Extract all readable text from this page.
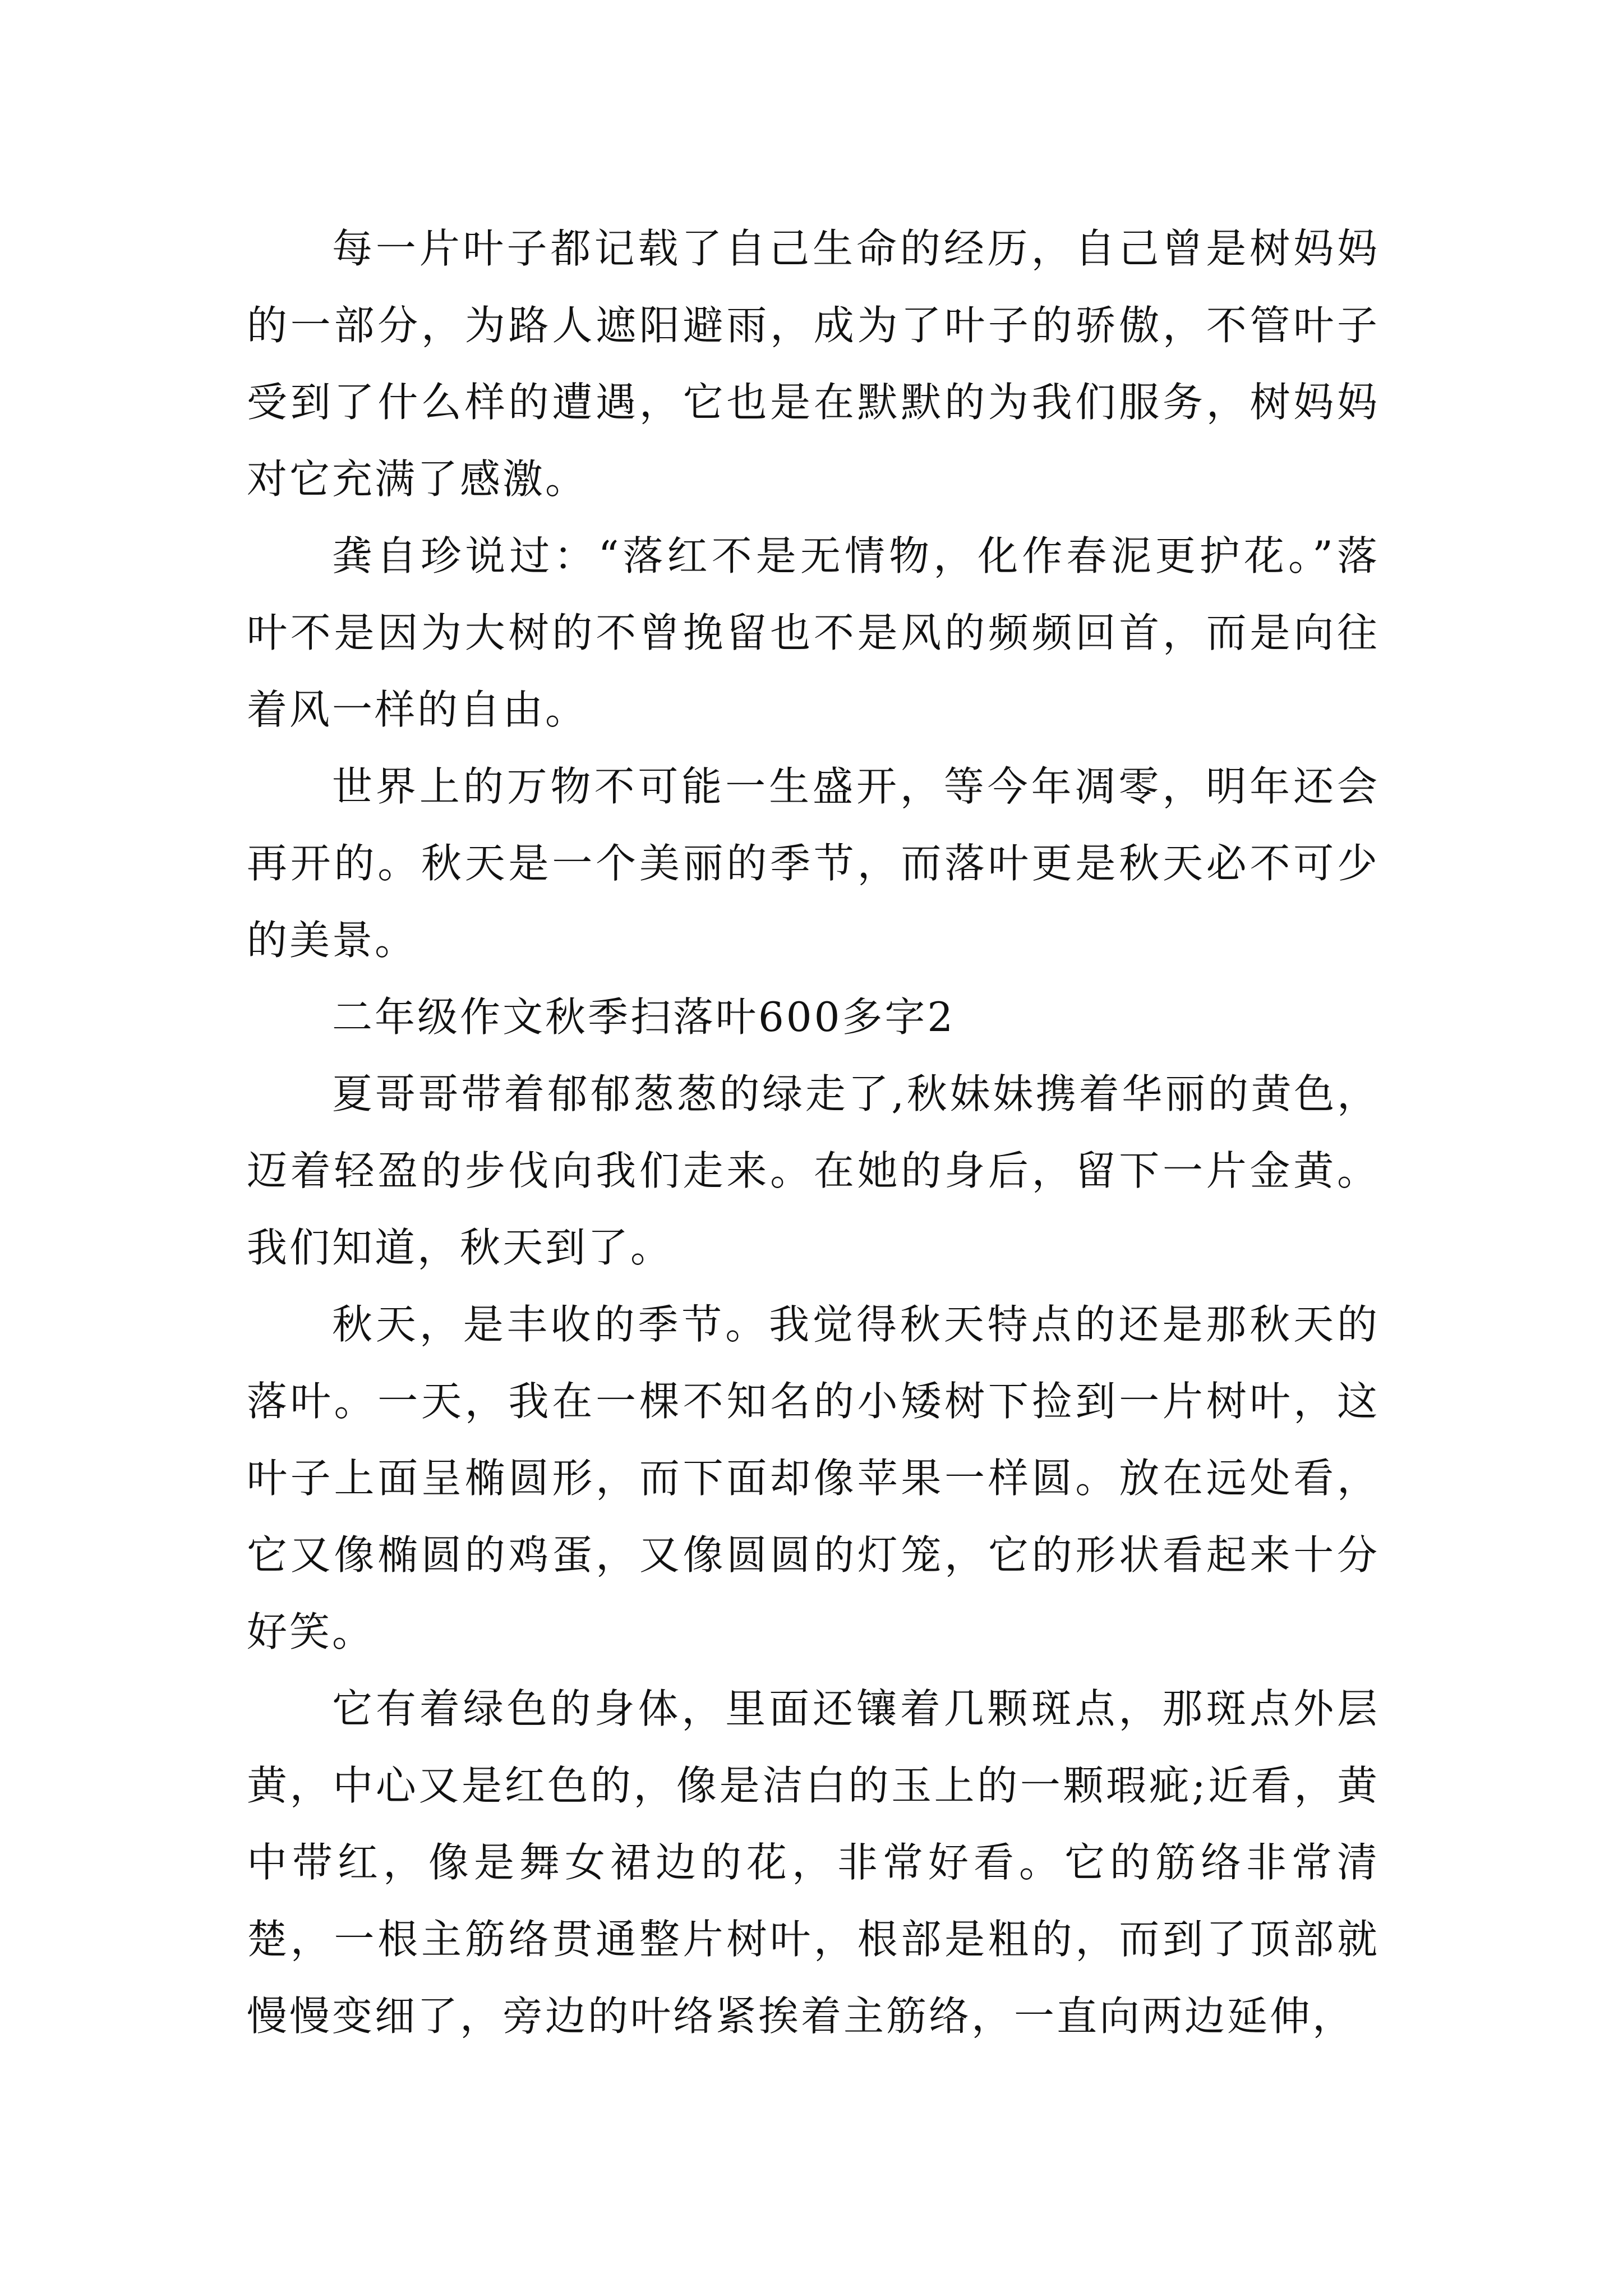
每一片叶子都记载了自己生命的经历，自己曾是树妈妈的一部分，为路人遮阳避雨，成为了叶子的骄傲，不管叶子受到了什么样的遭遇，它也是在默默的为我们服务，树妈妈对它充满了感激。

龚自珍说过：“落红不是无情物，化作春泥更护花。”落叶不是因为大树的不曾挽留也不是风的频频回首，而是向往着风一样的自由。

世界上的万物不可能一生盛开，等今年凋零，明年还会再开的。秋天是一个美丽的季节，而落叶更是秋天必不可少的美景。

二年级作文秋季扫落叶600多字2

夏哥哥带着郁郁葱葱的绿走了,秋妹妹携着华丽的黄色，迈着轻盈的步伐向我们走来。在她的身后，留下一片金黄。我们知道，秋天到了。

秋天，是丰收的季节。我觉得秋天特点的还是那秋天的落叶。一天，我在一棵不知名的小矮树下捡到一片树叶，这叶子上面呈椭圆形，而下面却像苹果一样圆。放在远处看，它又像椭圆的鸡蛋，又像圆圆的灯笼，它的形状看起来十分好笑。

它有着绿色的身体，里面还镶着几颗斑点，那斑点外层黄，中心又是红色的，像是洁白的玉上的一颗瑕疵;近看，黄中带红，像是舞女裙边的花，非常好看。它的筋络非常清楚，一根主筋络贯通整片树叶，根部是粗的，而到了顶部就慢慢变细了，旁边的叶络紧挨着主筋络，一直向两边延伸，
